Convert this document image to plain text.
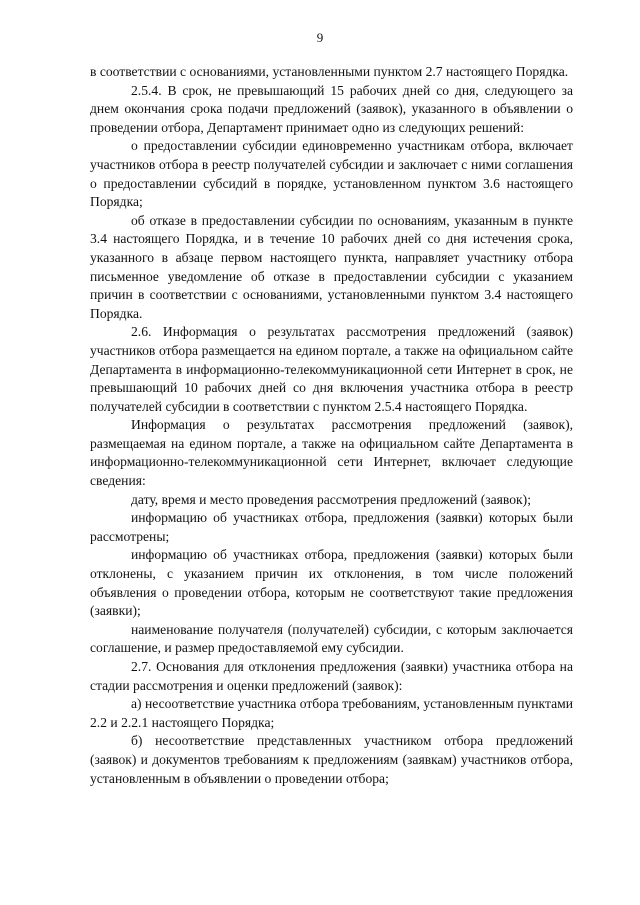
9

в соответствии с основаниями, установленными пунктом 2.7 настоящего Порядка.

2.5.4. В срок, не превышающий 15 рабочих дней со дня, следующего за днем окончания срока подачи предложений (заявок), указанного в объявлении о проведении отбора, Департамент принимает одно из следующих решений:

о предоставлении субсидии единовременно участникам отбора, включает участников отбора в реестр получателей субсидии и заключает с ними соглашения о предоставлении субсидий в порядке, установленном пунктом 3.6 настоящего Порядка;

об отказе в предоставлении субсидии по основаниям, указанным в пункте 3.4 настоящего Порядка, и в течение 10 рабочих дней со дня истечения срока, указанного в абзаце первом настоящего пункта, направляет участнику отбора письменное уведомление об отказе в предоставлении субсидии с указанием причин в соответствии с основаниями, установленными пунктом 3.4 настоящего Порядка.

2.6. Информация о результатах рассмотрения предложений (заявок) участников отбора размещается на едином портале, а также на официальном сайте Департамента в информационно-телекоммуникационной сети Интернет в срок, не превышающий 10 рабочих дней со дня включения участника отбора в реестр получателей субсидии в соответствии с пунктом 2.5.4 настоящего Порядка.

Информация о результатах рассмотрения предложений (заявок), размещаемая на едином портале, а также на официальном сайте Департамента в информационно-телекоммуникационной сети Интернет, включает следующие сведения:

дату, время и место проведения рассмотрения предложений (заявок);

информацию об участниках отбора, предложения (заявки) которых были рассмотрены;

информацию об участниках отбора, предложения (заявки) которых были отклонены, с указанием причин их отклонения, в том числе положений объявления о проведении отбора, которым не соответствуют такие предложения (заявки);

наименование получателя (получателей) субсидии, с которым заключается соглашение, и размер предоставляемой ему субсидии.

2.7. Основания для отклонения предложения (заявки) участника отбора на стадии рассмотрения и оценки предложений (заявок):

а) несоответствие участника отбора требованиям, установленным пунктами 2.2 и 2.2.1 настоящего Порядка;

б) несоответствие представленных участником отбора предложений (заявок) и документов требованиям к предложениям (заявкам) участников отбора, установленным в объявлении о проведении отбора;
